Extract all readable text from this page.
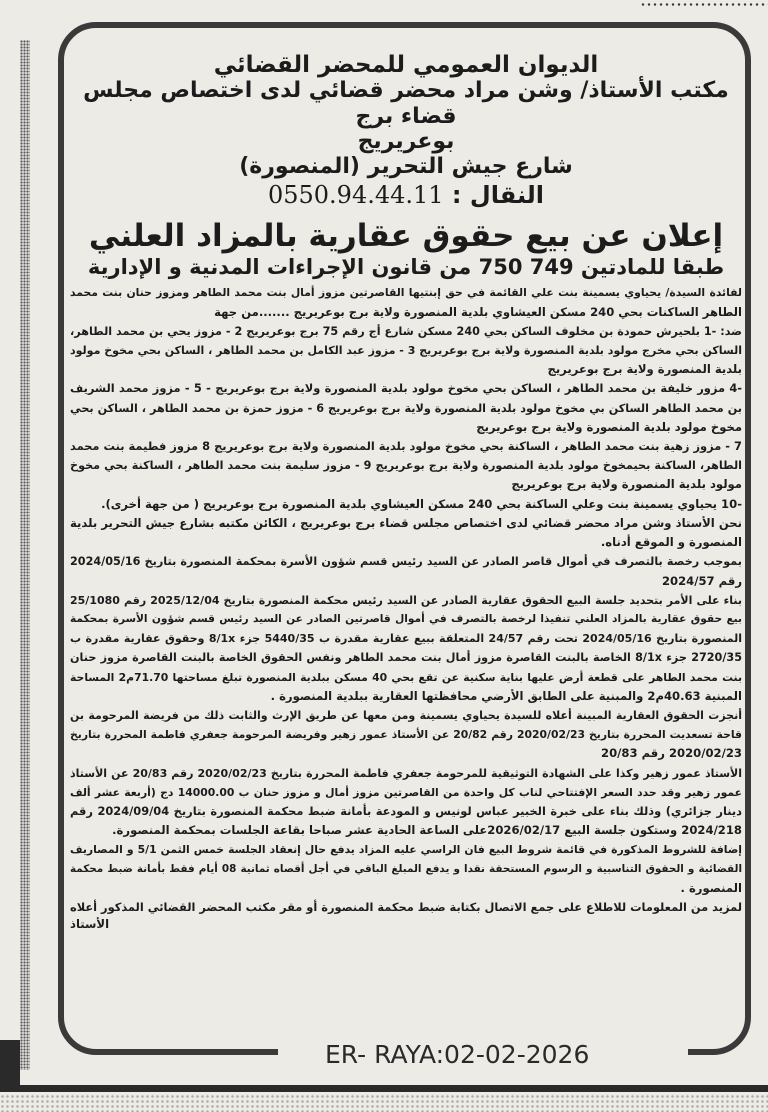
الديوان العمومي للمحضر القضائي
مكتب الأستاذ/ وشن مراد محضر قضائي لدى اختصاص مجلس قضاء برج
بوعريريج
شارع جيش التحرير (المنصورة)
النقال : 0550.94.44.11
إعلان عن بيع حقوق عقارية بالمزاد العلني
طبقا للمادتين 749 750 من قانون الإجراءات المدنية و الإدارية
لفائدة السيدة/ يحياوي يسمينة بنت علي القائمة في حق إبنتيها القاصرتين مزوز أمال بنت محمد الطاهر ومزوز حنان بنت محمد
الطاهر الساكنات بحي 240 مسكن العيشاوي بلدية المنصورة ولاية برج بوعريريج .......من جهة
ضد: -1 بلحيرش حمودة بن مخلوف الساكن بحي 240 مسكن شارع أج رقم 75 برج بوعريريج 2 - مزوز يحي بن محمد الطاهر،
الساكن بحي مخرج مولود بلدية المنصورة ولاية برج بوعريريج 3 - مزوز عبد الكامل بن محمد الطاهر ، الساكن بحي مخوخ مولود
بلدية المنصورة ولاية برج بوعريريج
-4 مزور خليفة بن محمد الطاهر ، الساكن بحي مخوخ مولود بلدية المنصورة ولاية برج بوعريريج - 5 - مزوز محمد الشريف
بن محمد الطاهر الساكن بي مخوخ مولود بلدية المنصورة ولاية برج بوعريريج 6 - مزوز حمزة بن محمد الطاهر ، الساكن بحي
مخوخ مولود بلدية المنصورة ولاية برج بوعريريج
7 - مزوز زهية بنت محمد الطاهر ، الساكنة بحي مخوخ مولود بلدية المنصورة ولاية برج بوعريريج 8 مزوز فطيمة بنت محمد
الطاهر، الساكنة بحيمخوخ مولود بلدية المنصورة ولاية برج بوعريريج 9 - مزوز سليمة بنت محمد الطاهر ، الساكنة بحي مخوخ
مولود بلدية المنصورة ولاية برج بوعريريج
-10 يحياوي يسمينة بنت وعلي الساكنة بحي 240 مسكن العيشاوي بلدية المنصورة برج بوعريريج ( من جهة أخرى).
نحن الأستاذ وشن مراد محضر قضائي لدى اختصاص مجلس قضاء برج بوعريريج ، الكائن مكتبه بشارع جيش التحرير بلدية
المنصورة و الموقع أدناه.
بموجب رخصة بالتصرف في أموال قاصر الصادر عن السيد رئيس قسم شؤون الأسرة بمحكمة المنصورة بتاريخ 2024/05/16
رقم 2024/57
بناء على الأمر بتحديد جلسة البيع الحقوق عقارية الصادر عن السيد رئيس محكمة المنصورة بتاريخ 2025/12/04 رقم 25/1080
بيع حقوق عقارية بالمزاد العلني تنفيذا لرخصة بالتصرف في أموال قاصرتين الصادر عن السيد رئيس قسم شؤون الأسرة بمحكمة
المنصورة بتاريخ 2024/05/16 تحت رقم 24/57 المتعلقة ببيع عقارية مقدرة ب 5440/35 جزء 8/1x وحقوق عقارية مقدرة ب
2720/35 جزء 8/1x الخاصة بالبنت القاصرة مزوز أمال بنت محمد الطاهر ونفس الحقوق الخاصة بالبنت القاصرة مزوز حنان
بنت محمد الطاهر على قطعة أرض عليها بناية سكنية عن تقع بحي 40 مسكن ببلدية المنصورة تبلغ مساحتها 71.70م2 المساحة
المبنية 40.63م2 والمبنية على الطابق الأرضي محافظتها العقارية ببلدية المنصورة .
أنجزت الحقوق العقارية المبينة أعلاه للسيدة يحياوي يسمينة ومن معها عن طريق الإرث والثابت ذلك من فريضة المرحومة بن
قاحة تسعديت المحررة بتاريخ 2020/02/23 رقم 20/82 عن الأستاذ عمور زهير وفريضة المرحومة جعفري فاطمة المحررة بتاريخ
2020/02/23 رقم 20/83
الأستاذ عمور زهير وكذا على الشهادة التوثيقية للمرحومة جعفري فاطمة المحررة بتاريخ 2020/02/23 رقم 20/83 عن الأستاذ
عمور زهير وقد حدد السعر الإفتتاحي لناب كل واحدة من القاصرتين مزوز أمال و مزوز حنان ب 14000.00 دج (أربعة عشر ألف
دينار جزائري) وذلك بناء على خبرة الخبير عباس لونيس و المودعة بأمانة ضبط محكمة المنصورة بتاريخ 2024/09/04 رقم
2024/218 وستكون جلسة البيع 2026/02/17على الساعة الحادية عشر صباحا بقاعة الجلسات بمحكمة المنصورة.
إضافة للشروط المذكورة في قائمة شروط البيع فان الراسي عليه المزاد يدفع حال إنعقاد الجلسة خمس الثمن 5/1 و المصاريف
القضائية و الحقوق التناسبية و الرسوم المستحقة نقدا و يدفع المبلغ الباقي في أجل أقصاه ثمانية 08 أيام فقط بأمانة ضبط محكمة
المنصورة .
لمزيد من المعلومات للاطلاع على جمع الاتصال بكتابة ضبط محكمة المنصورة أو مقر مكتب المحضر القضائي المذكور أعلاه
الأستاذ
ER- RAYA:02-02-2026
